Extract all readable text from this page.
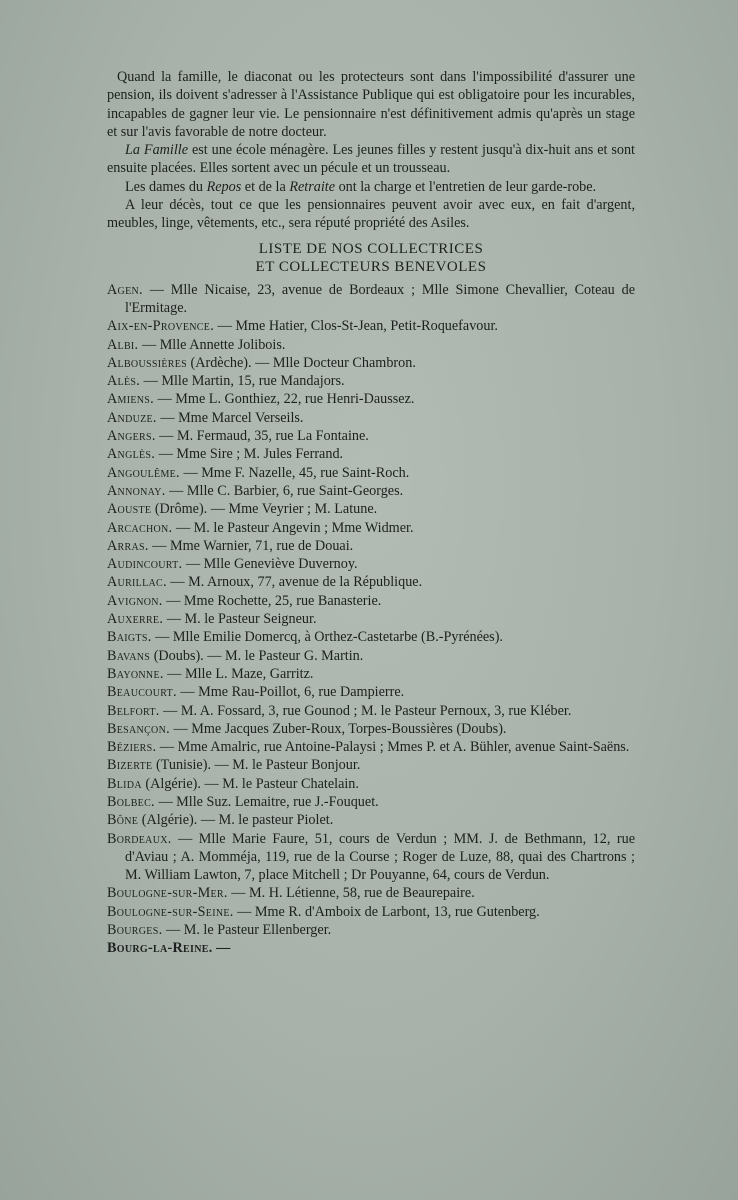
Quand la famille, le diaconat ou les protecteurs sont dans l'impossibilité d'assurer une pension, ils doivent s'adresser à l'Assistance Publique qui est obligatoire pour les incurables, incapables de gagner leur vie. Le pensionnaire n'est définitivement admis qu'après un stage et sur l'avis favorable de notre docteur.

La Famille est une école ménagère. Les jeunes filles y restent jusqu'à dix-huit ans et sont ensuite placées. Elles sortent avec un pécule et un trousseau.

Les dames du Repos et de la Retraite ont la charge et l'entretien de leur garde-robe.

A leur décès, tout ce que les pensionnaires peuvent avoir avec eux, en fait d'argent, meubles, linge, vêtements, etc., sera réputé propriété des Asiles.

LISTE DE NOS COLLECTRICES
ET COLLECTEURS BENEVOLES

Agen. — Mlle Nicaise, 23, avenue de Bordeaux ; Mlle Simone Chevallier, Coteau de l'Ermitage.

Aix-en-Provence. — Mme Hatier, Clos-St-Jean, Petit-Roquefavour.

Albi. — Mlle Annette Jolibois.

Alboussières (Ardèche). — Mlle Docteur Chambron.

Alès. — Mlle Martin, 15, rue Mandajors.

Amiens. — Mme L. Gonthiez, 22, rue Henri-Daussez.

Anduze. — Mme Marcel Verseils.

Angers. — M. Fermaud, 35, rue La Fontaine.

Anglès. — Mme Sire ; M. Jules Ferrand.

Angoulême. — Mme F. Nazelle, 45, rue Saint-Roch.

Annonay. — Mlle C. Barbier, 6, rue Saint-Georges.

Aouste (Drôme). — Mme Veyrier ; M. Latune.

Arcachon. — M. le Pasteur Angevin ; Mme Widmer.

Arras. — Mme Warnier, 71, rue de Douai.

Audincourt. — Mlle Geneviève Duvernoy.

Aurillac. — M. Arnoux, 77, avenue de la République.

Avignon. — Mme Rochette, 25, rue Banasterie.

Auxerre. — M. le Pasteur Seigneur.

Baigts. — Mlle Emilie Domercq, à Orthez-Castetarbe (B.-Pyrénées).

Bavans (Doubs). — M. le Pasteur G. Martin.

Bayonne. — Mlle L. Maze, Garritz.

Beaucourt. — Mme Rau-Poillot, 6, rue Dampierre.

Belfort. — M. A. Fossard, 3, rue Gounod ; M. le Pasteur Pernoux, 3, rue Kléber.

Besançon. — Mme Jacques Zuber-Roux, Torpes-Boussières (Doubs).

Béziers. — Mme Amalric, rue Antoine-Palaysi ; Mmes P. et A. Bühler, avenue Saint-Saëns.

Bizerte (Tunisie). — M. le Pasteur Bonjour.

Blida (Algérie). — M. le Pasteur Chatelain.

Bolbec. — Mlle Suz. Lemaitre, rue J.-Fouquet.

Bône (Algérie). — M. le pasteur Piolet.

Bordeaux. — Mlle Marie Faure, 51, cours de Verdun ; MM. J. de Bethmann, 12, rue d'Aviau ; A. Momméja, 119, rue de la Course ; Roger de Luze, 88, quai des Chartrons ; M. William Lawton, 7, place Mitchell ; Dr Pouyanne, 64, cours de Verdun.

Boulogne-sur-Mer. — M. H. Létienne, 58, rue de Beaurepaire.

Boulogne-sur-Seine. — Mme R. d'Amboix de Larbont, 13, rue Gutenberg.

Bourges. — M. le Pasteur Ellenberger.

Bourg-la-Reine. —
